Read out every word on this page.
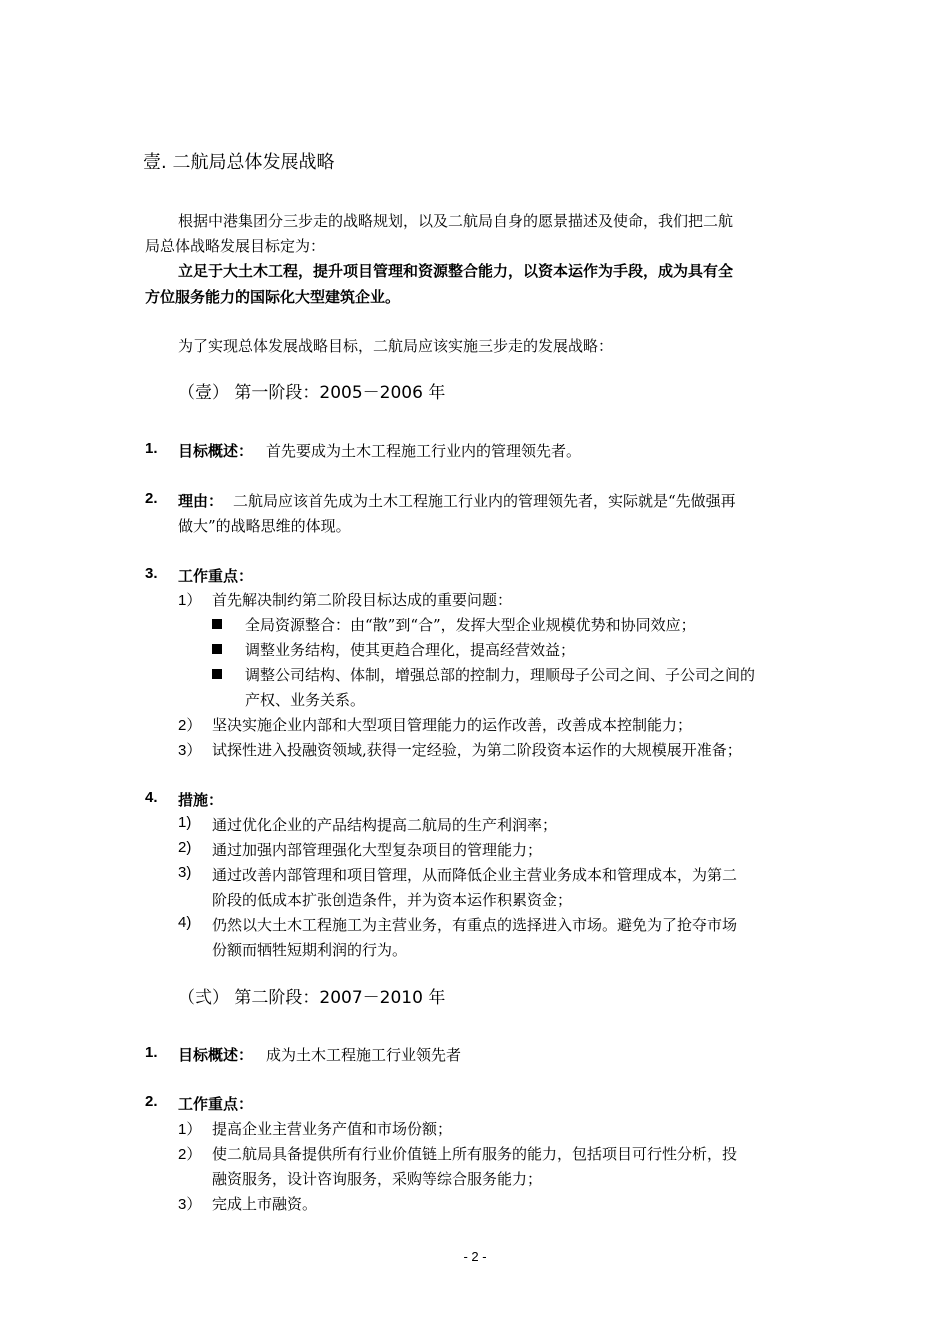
壹. 二航局总体发展战略
根据中港集团分三步走的战略规划，以及二航局自身的愿景描述及使命，我们把二航
局总体战略发展目标定为：
立足于大土木工程，提升项目管理和资源整合能力，以资本运作为手段，成为具有全
方位服务能力的国际化大型建筑企业。
为了实现总体发展战略目标，二航局应该实施三步走的发展战略：
（壹） 第一阶段：2005－2006 年
1. 目标概述： 首先要成为土木工程施工行业内的管理领先者。
2. 理由： 二航局应该首先成为土木工程施工行业内的管理领先者，实际就是“先做强再
做大”的战略思维的体现。
3. 工作重点：
1） 首先解决制约第二阶段目标达成的重要问题：
全局资源整合：由“散”到“合”，发挥大型企业规模优势和协同效应；
调整业务结构，使其更趋合理化，提高经营效益；
调整公司结构、体制，增强总部的控制力，理顺母子公司之间、子公司之间的
产权、业务关系。
2） 坚决实施企业内部和大型项目管理能力的运作改善，改善成本控制能力；
3） 试探性进入投融资领域,获得一定经验，为第二阶段资本运作的大规模展开准备；
4. 措施：
1) 通过优化企业的产品结构提高二航局的生产利润率；
2) 通过加强内部管理强化大型复杂项目的管理能力；
3) 通过改善内部管理和项目管理，从而降低企业主营业务成本和管理成本，为第二
阶段的低成本扩张创造条件，并为资本运作积累资金；
4) 仍然以大土木工程施工为主营业务，有重点的选择进入市场。避免为了抢夺市场
份额而牺牲短期利润的行为。
（弍） 第二阶段：2007－2010 年
1. 目标概述： 成为土木工程施工行业领先者
2. 工作重点：
1） 提高企业主营业务产值和市场份额；
2） 使二航局具备提供所有行业价值链上所有服务的能力，包括项目可行性分析，投
融资服务，设计咨询服务，采购等综合服务能力；
3） 完成上市融资。
- 2 -
